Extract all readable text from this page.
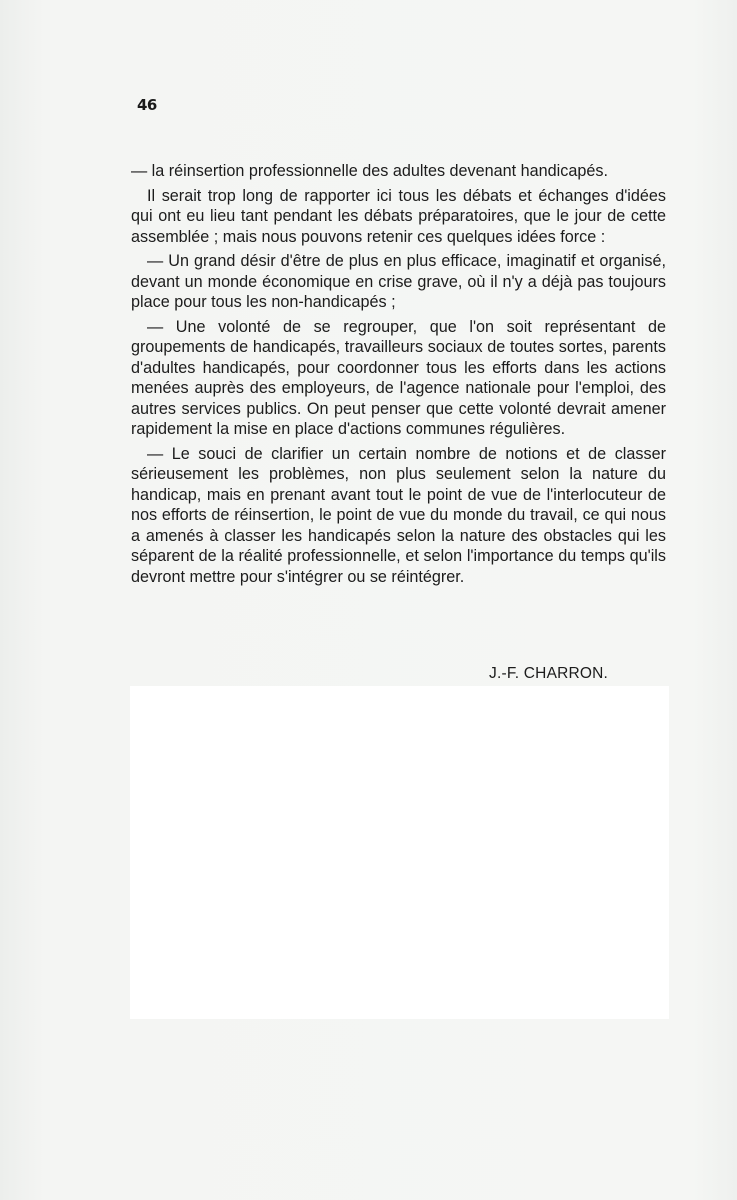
46

— la réinsertion professionnelle des adultes devenant handicapés.

Il serait trop long de rapporter ici tous les débats et échanges d'idées qui ont eu lieu tant pendant les débats préparatoires, que le jour de cette assemblée ; mais nous pouvons retenir ces quelques idées force :

— Un grand désir d'être de plus en plus efficace, imaginatif et organisé, devant un monde économique en crise grave, où il n'y a déjà pas toujours place pour tous les non-handicapés ;

— Une volonté de se regrouper, que l'on soit représentant de groupements de handicapés, travailleurs sociaux de toutes sortes, parents d'adultes handicapés, pour coordonner tous les efforts dans les actions menées auprès des employeurs, de l'agence nationale pour l'emploi, des autres services publics. On peut penser que cette volonté devrait amener rapidement la mise en place d'actions communes régulières.

— Le souci de clarifier un certain nombre de notions et de classer sérieusement les problèmes, non plus seulement selon la nature du handicap, mais en prenant avant tout le point de vue de l'interlocuteur de nos efforts de réinsertion, le point de vue du monde du travail, ce qui nous a amenés à classer les handicapés selon la nature des obstacles qui les séparent de la réalité professionnelle, et selon l'importance du temps qu'ils devront mettre pour s'intégrer ou se réintégrer.

J.-F. CHARRON.
